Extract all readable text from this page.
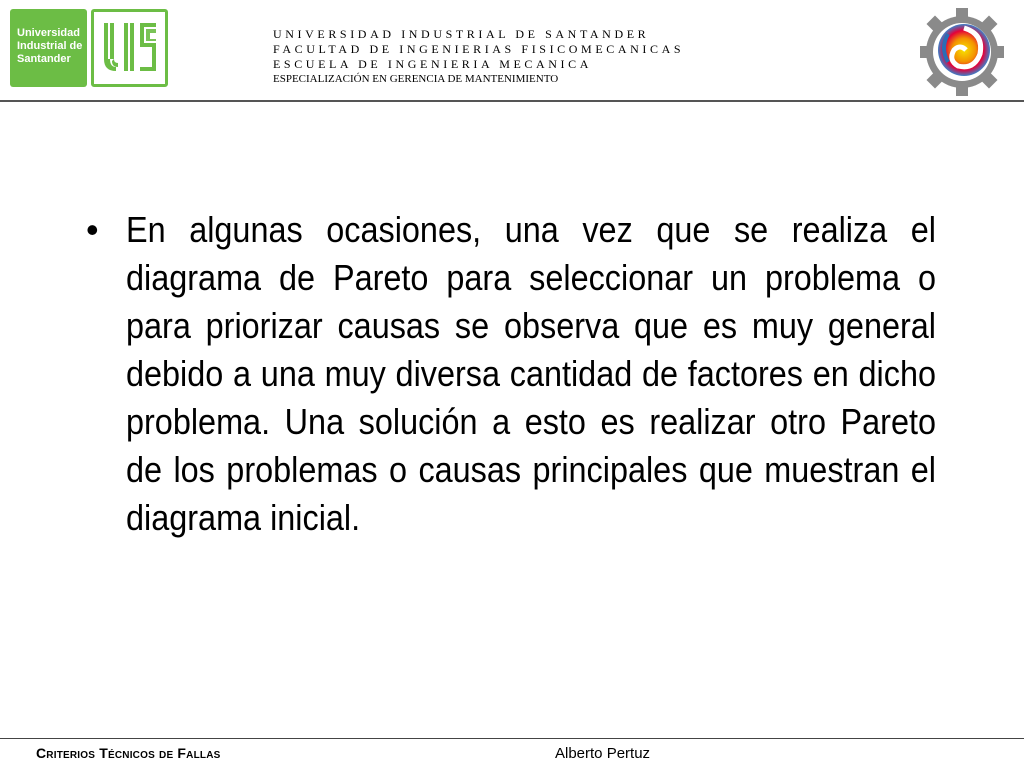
Universidad
Industrial de
Santander
UNIVERSIDAD INDUSTRIAL DE SANTANDER
FACULTAD DE INGENIERIAS FISICOMECANICAS
ESCUELA DE INGENIERIA MECANICA
ESPECIALIZACIÓN EN GERENCIA DE MANTENIMIENTO
• En algunas ocasiones, una vez que se realiza el diagrama de Pareto para seleccionar un problema o para priorizar causas se observa que es muy general debido a una muy diversa cantidad de factores en dicho problema. Una solución a esto es realizar otro Pareto de los problemas o causas principales que muestran el diagrama inicial.
Criterios Técnicos de Fallas	Alberto Pertuz
